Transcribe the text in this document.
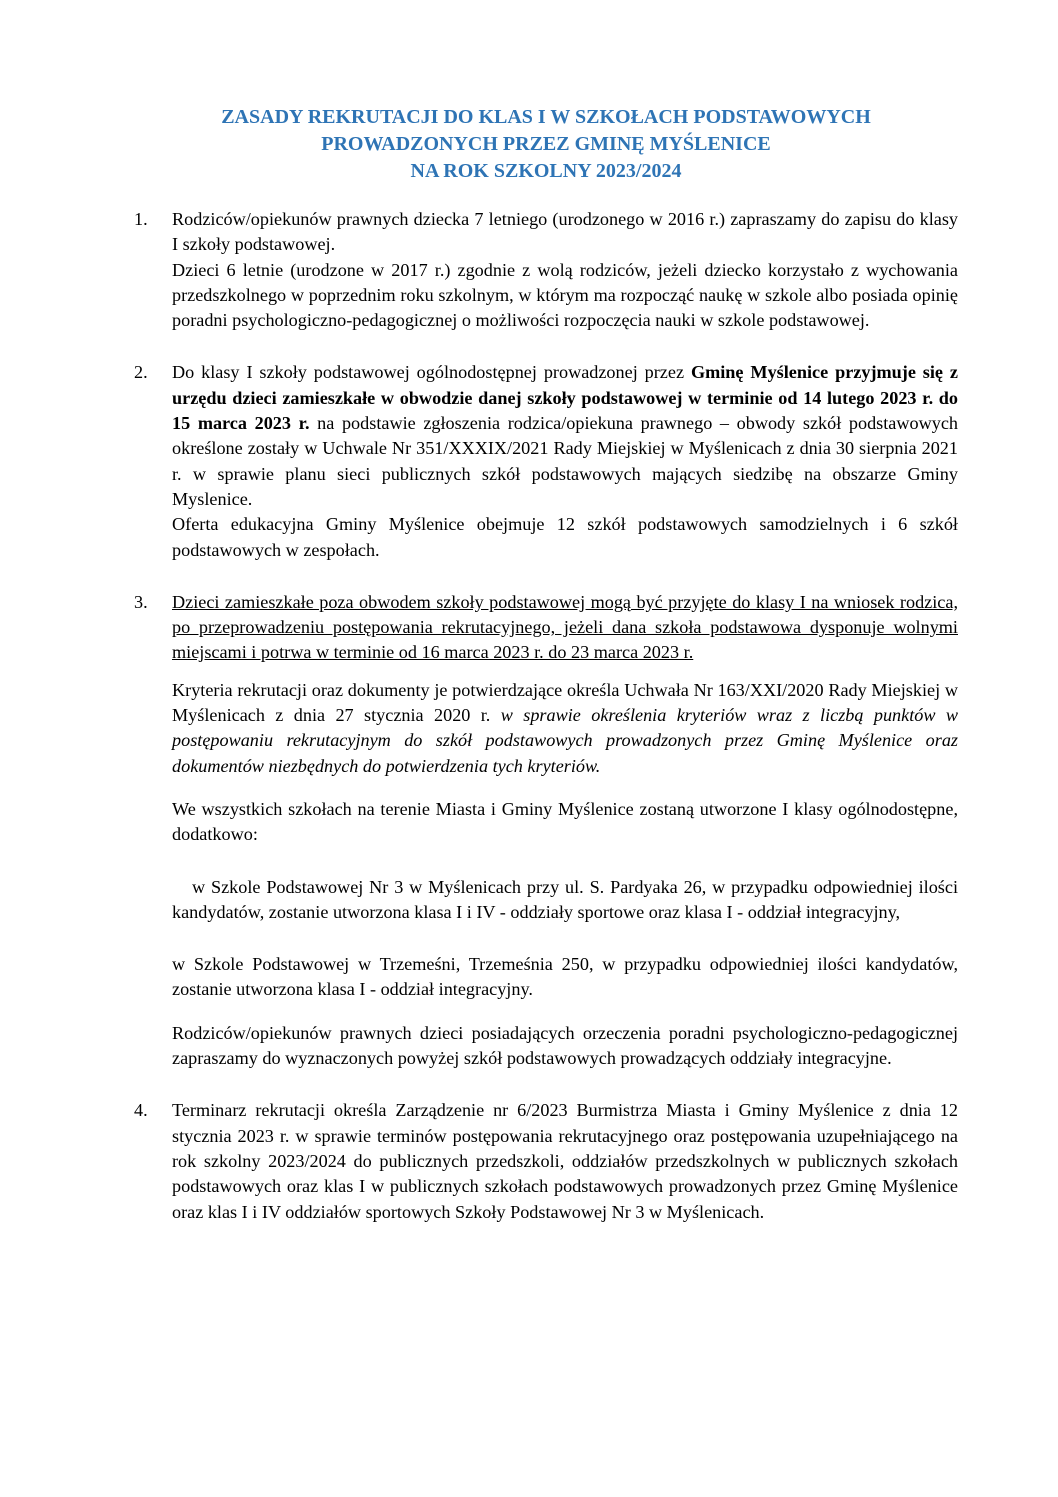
ZASADY REKRUTACJI DO KLAS I W SZKOŁACH PODSTAWOWYCH
PROWADZONYCH PRZEZ GMINĘ MYŚLENICE
NA ROK SZKOLNY 2023/2024
1. Rodziców/opiekunów prawnych dziecka 7 letniego (urodzonego w 2016 r.) zapraszamy do zapisu do klasy I szkoły podstawowej.

Dzieci 6 letnie (urodzone w 2017 r.) zgodnie z wolą rodziców, jeżeli dziecko korzystało z wychowania przedszkolnego w poprzednim roku szkolnym, w którym ma rozpocząć naukę w szkole albo posiada opinię poradni psychologiczno-pedagogicznej o możliwości rozpoczęcia nauki w szkole podstawowej.

2. Do klasy I szkoły podstawowej ogólnodostępnej prowadzonej przez Gminę Myślenice przyjmuje się z urzędu dzieci zamieszkałe w obwodzie danej szkoły podstawowej w terminie od 14 lutego 2023 r. do 15 marca 2023 r. na podstawie zgłoszenia rodzica/opiekuna prawnego – obwody szkół podstawowych określone zostały w Uchwale Nr 351/XXXIX/2021 Rady Miejskiej w Myślenicach z dnia 30 sierpnia 2021 r. w sprawie planu sieci publicznych szkół podstawowych mających siedzibę na obszarze Gminy Myslenice.

Oferta edukacyjna Gminy Myślenice obejmuje 12 szkół podstawowych samodzielnych i 6 szkół podstawowych w zespołach.

3. Dzieci zamieszkałe poza obwodem szkoły podstawowej mogą być przyjęte do klasy I na wniosek rodzica, po przeprowadzeniu postępowania rekrutacyjnego, jeżeli dana szkoła podstawowa dysponuje wolnymi miejscami i potrwa w terminie od 16 marca 2023 r. do 23 marca 2023 r.

Kryteria rekrutacji oraz dokumenty je potwierdzające określa Uchwała Nr 163/XXI/2020 Rady Miejskiej w Myślenicach z dnia 27 stycznia 2020 r. w sprawie określenia kryteriów wraz z liczbą punktów w postępowaniu rekrutacyjnym do szkół podstawowych prowadzonych przez Gminę Myślenice oraz dokumentów niezbędnych do potwierdzenia tych kryteriów.

We wszystkich szkołach na terenie Miasta i Gminy Myślenice zostaną utworzone I klasy ogólnodostępne, dodatkowo:

w Szkole Podstawowej Nr 3 w Myślenicach przy ul. S. Pardyaka 26, w przypadku odpowiedniej ilości kandydatów, zostanie utworzona klasa I i IV - oddziały sportowe oraz klasa I - oddział integracyjny,

w Szkole Podstawowej w Trzemeśni, Trzemeśnia 250, w przypadku odpowiedniej ilości kandydatów, zostanie utworzona klasa I - oddział integracyjny.

Rodziców/opiekunów prawnych dzieci posiadających orzeczenia poradni psychologiczno-pedagogicznej zapraszamy do wyznaczonych powyżej szkół podstawowych prowadzących oddziały integracyjne.

4. Terminarz rekrutacji określa Zarządzenie nr 6/2023 Burmistrza Miasta i Gminy Myślenice z dnia 12 stycznia 2023 r. w sprawie terminów postępowania rekrutacyjnego oraz postępowania uzupełniającego na rok szkolny 2023/2024 do publicznych przedszkoli, oddziałów przedszkolnych w publicznych szkołach podstawowych oraz klas I w publicznych szkołach podstawowych prowadzonych przez Gminę Myślenice oraz klas I i IV oddziałów sportowych Szkoły Podstawowej Nr 3 w Myślenicach.
